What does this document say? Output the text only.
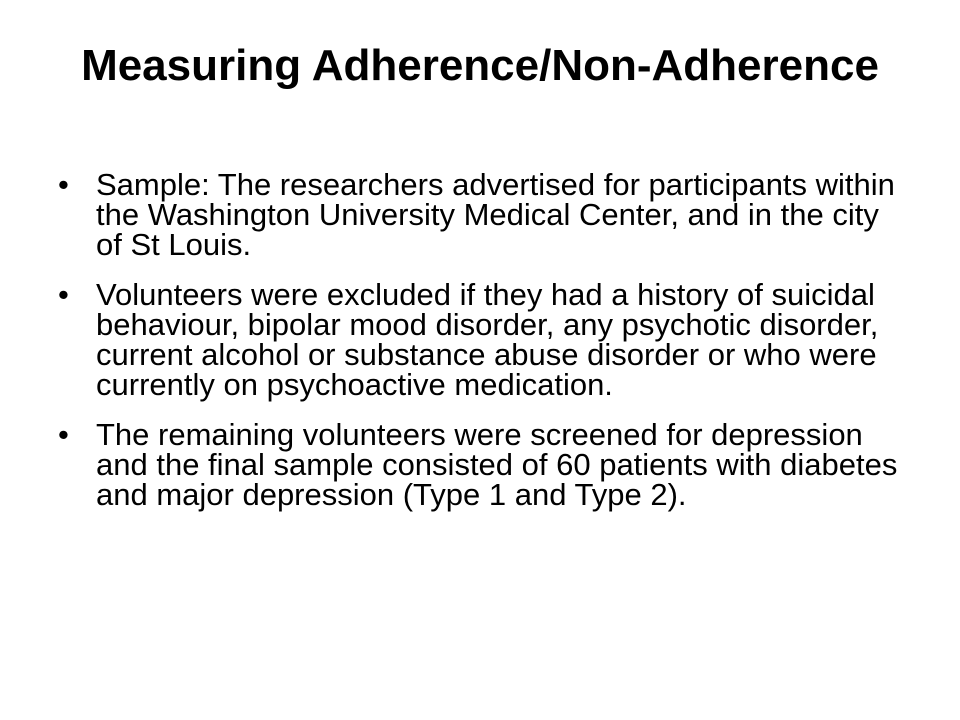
Measuring Adherence/Non-Adherence
• Sample: The researchers advertised for participants within the Washington University Medical Center, and in the city of St Louis.
• Volunteers were excluded if they had a history of suicidal behaviour, bipolar mood disorder, any psychotic disorder, current alcohol or substance abuse disorder or who were currently on psychoactive medication.
• The remaining volunteers were screened for depression and the final sample consisted of 60 patients with diabetes and major depression (Type 1 and Type 2).
